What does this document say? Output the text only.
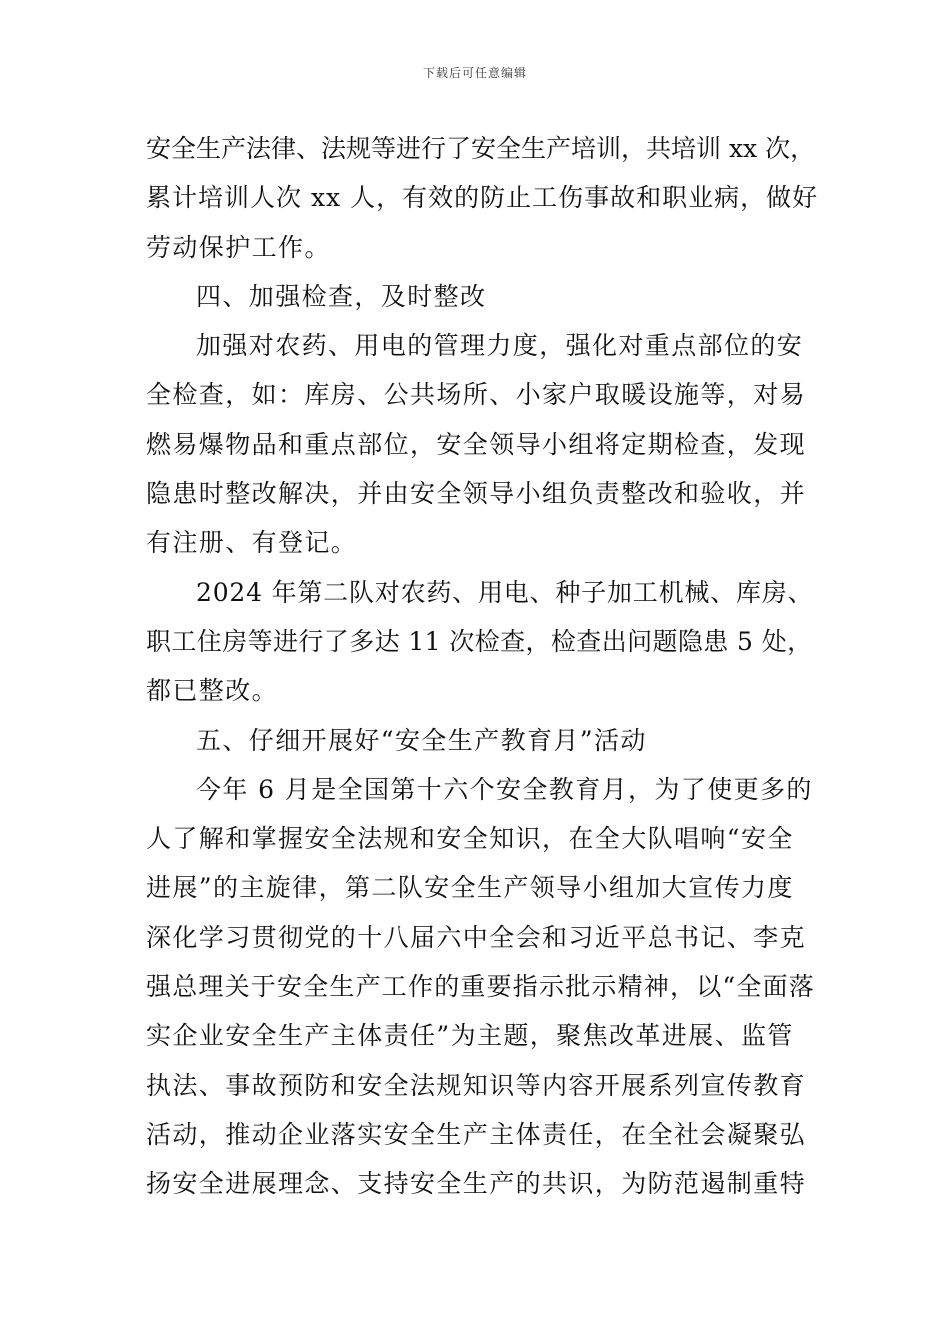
下载后可任意编辑
安全生产法律、法规等进行了安全生产培训，共培训 xx 次，
累计培训人次 xx 人，有效的防止工伤事故和职业病，做好
劳动保护工作。
四、加强检查，及时整改
加强对农药、用电的管理力度，强化对重点部位的安
全检查，如：库房、公共场所、小家户取暖设施等，对易
燃易爆物品和重点部位，安全领导小组将定期检查，发现
隐患时整改解决，并由安全领导小组负责整改和验收，并
有注册、有登记。
2024 年第二队对农药、用电、种子加工机械、库房、
职工住房等进行了多达 11 次检查，检查出问题隐患 5 处，
都已整改。
五、仔细开展好“安全生产教育月”活动
今年 6 月是全国第十六个安全教育月，为了使更多的
人了解和掌握安全法规和安全知识，在全大队唱响“安全
进展”的主旋律，第二队安全生产领导小组加大宣传力度
深化学习贯彻党的十八届六中全会和习近平总书记、李克
强总理关于安全生产工作的重要指示批示精神，以“全面落
实企业安全生产主体责任”为主题，聚焦改革进展、监管
执法、事故预防和安全法规知识等内容开展系列宣传教育
活动，推动企业落实安全生产主体责任，在全社会凝聚弘
扬安全进展理念、支持安全生产的共识，为防范遏制重特
